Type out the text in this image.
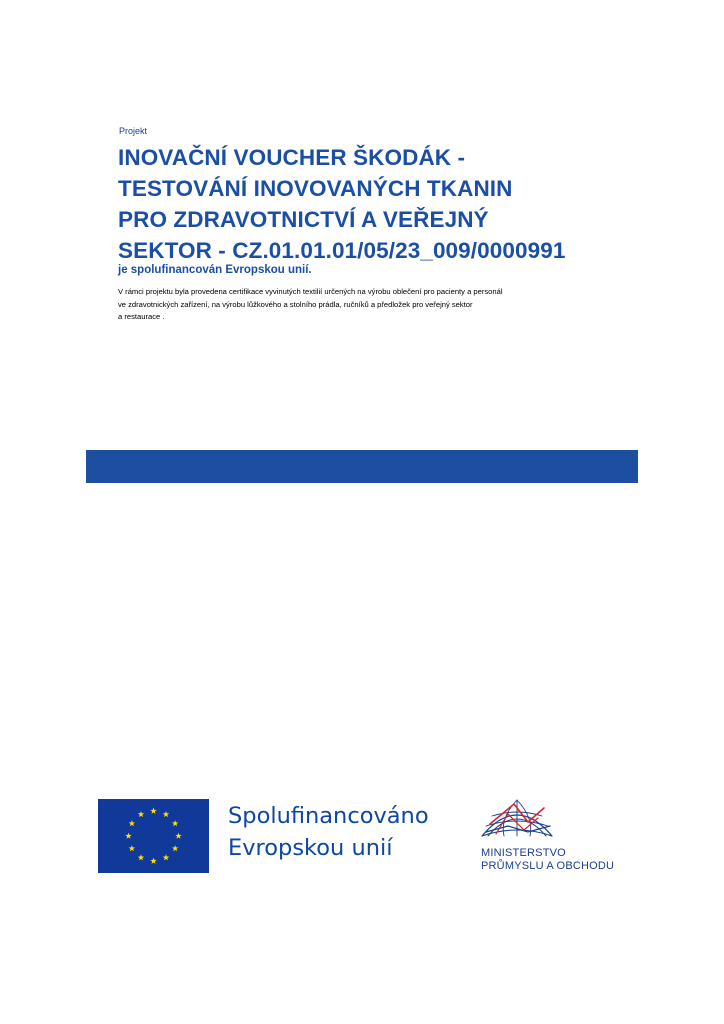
Projekt
INOVAČNÍ VOUCHER ŠKODÁK -
TESTOVÁNÍ INOVOVANÝCH TKANIN
PRO ZDRAVOTNICTVÍ A VEŘEJNÝ
SEKTOR - CZ.01.01.01/05/23_009/0000991
je spolufinancován Evropskou unií.
V rámci projektu byla provedena certifikace vyvinutých textilií určených na výrobu oblečení pro pacienty a personál
ve zdravotnických zařízení, na výrobu lůžkového a stolního prádla, ručníků a předložek pro veřejný sektor
a restaurace .
Spolufinancováno
Evropskou unií	MINISTERSTVO
PRŮMYSLU A OBCHODU
